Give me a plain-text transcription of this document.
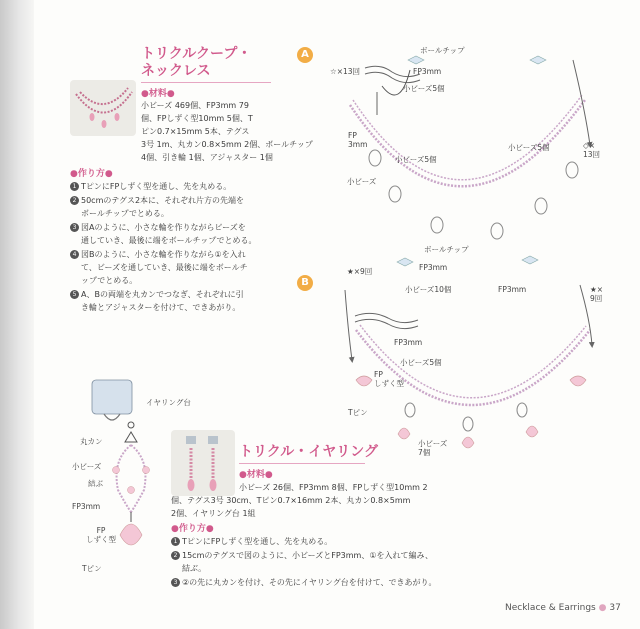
トリクルクープ・
ネックレス
●材料●
小ビーズ 469個、FP3mm 79
個、FPしずく型10mm 5個、T
ピン0.7×15mm 5本、テグス
3号 1m、丸カン0.8×5mm 2個、ボールチップ
4個、引き輪 1個、アジャスター 1個
●作り方●
1 TピンにFPしずく型を通し、先を丸める。
2 50cmのテグス2本に、それぞれ片方の先端を
ボールチップでとめる。
3 図Aのように、小さな輪を作りながらビーズを
通していき、最後に端をボールチップでとめる。
4 図Bのように、小さな輪を作りながら①を入れ
て、ビーズを通していき、最後に端をボールチ
ップでとめる。
5 A、Bの両端を丸カンでつなぎ、それぞれに引
き輪とアジャスターを付けて、できあがり。
A	ボールチップ
☆×13回	FP3mm
小ビーズ5個
FP
3mm
小ビーズ5個
小ビーズ5個
小ビーズ
◇×
13回
B
ボールチップ
★×9回	FP3mm
小ビーズ10個	FP3mm	★×
9回
FP3mm
小ビーズ5個
FP
しずく型
Tピン
小ビーズ
7個
イヤリング台
丸カン
小ビーズ
結ぶ
FP3mm
FP
しずく型
Tピン
トリクル・イヤリング
●材料●
小ビーズ 26個、FP3mm 8個、FPしずく型10mm 2
個、テグス3号 30cm、Tピン0.7×16mm 2本、丸カン0.8×5mm
2個、イヤリング台 1組
●作り方●
1 TピンにFPしずく型を通し、先を丸める。
2 15cmのテグスで図のように、小ビーズとFP3mm、①を入れて編み、
結ぶ。
3 ②の先に丸カンを付け、その先にイヤリング台を付けて、できあがり。
Necklace & Earrings ● 37
